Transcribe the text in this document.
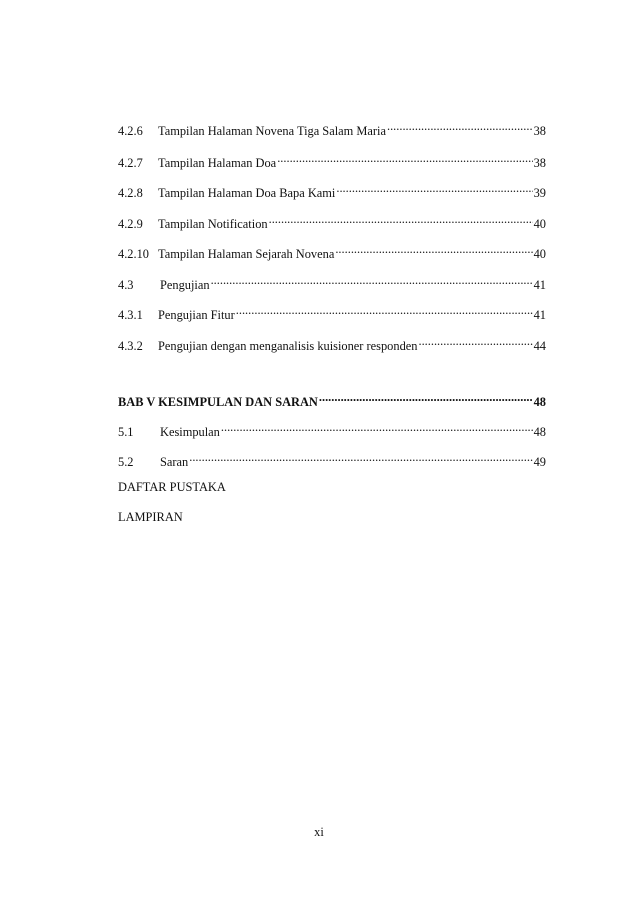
4.2.6	Tampilan Halaman Novena Tiga Salam Maria .....	38
4.2.7	Tampilan Halaman Doa .....	38
4.2.8	Tampilan Halaman Doa Bapa Kami .....	39
4.2.9	Tampilan Notification .....	40
4.2.10 Tampilan Halaman Sejarah Novena .....	40
4.3	Pengujian .....	41
4.3.1	Pengujian Fitur .....	41
4.3.2	Pengujian dengan menganalisis kuisioner responden .....	44
BAB V KESIMPULAN DAN SARAN .....	48
5.1	Kesimpulan .....	48
5.2	Saran .....	49
DAFTAR PUSTAKA
LAMPIRAN
xi
